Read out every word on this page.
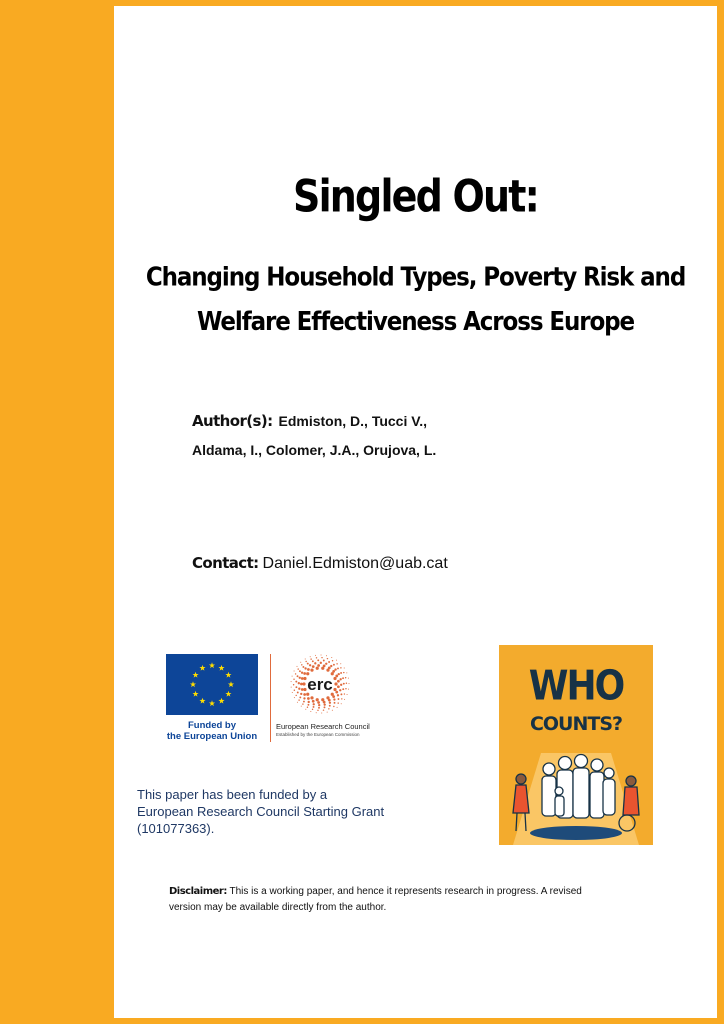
Singled Out:
Changing Household Types, Poverty Risk and
Welfare Effectiveness Across Europe
Author(s): Edmiston, D., Tucci V.,
Aldama, I., Colomer, J.A., Orujova, L.
Contact: Daniel.Edmiston@uab.cat
Funded by
the European Union
erc
European Research Council
Established by the European Commission
This paper has been funded by a
European Research Council Starting Grant
(101077363).
WHO
COUNTS?
Disclaimer: This is a working paper, and hence it represents research in progress. A revised
version may be available directly from the author.
